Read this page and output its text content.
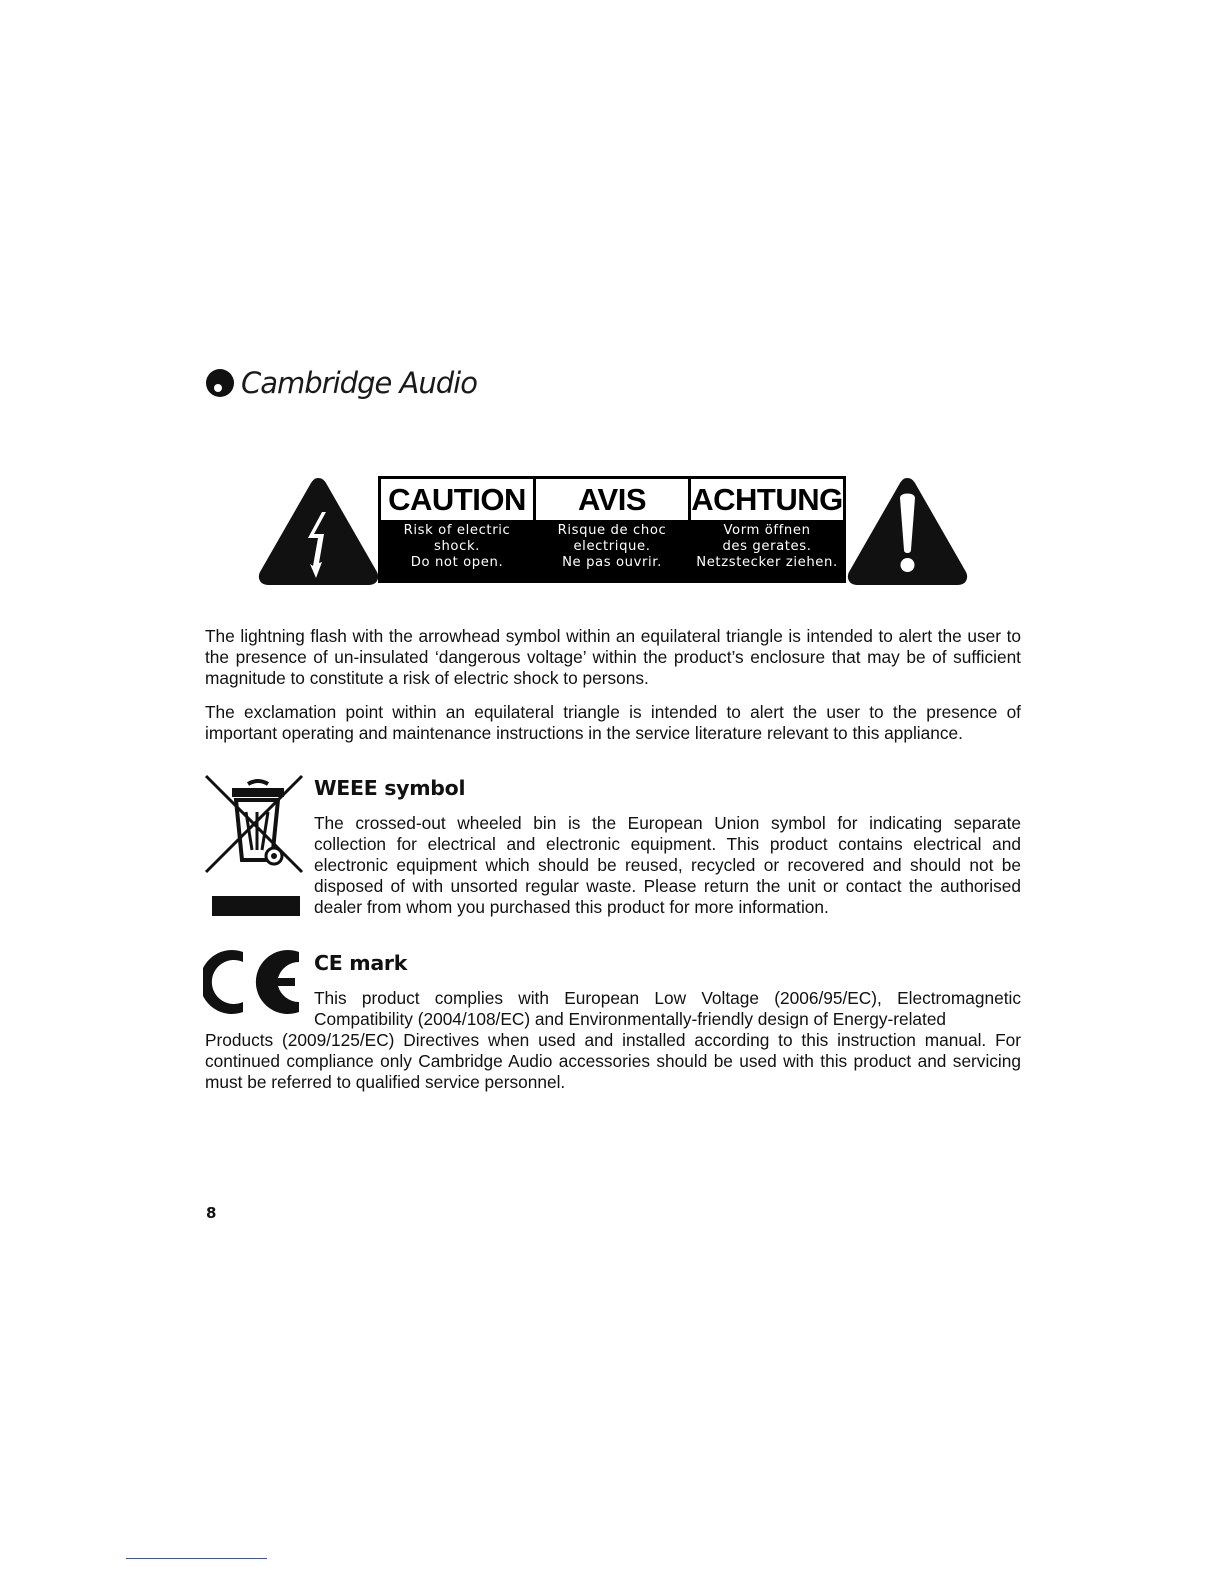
Cambridge Audio
CAUTION
Risk of electric
shock.
Do not open.
AVIS
Risque de choc
electrique.
Ne pas ouvrir.
ACHTUNG
Vorm öffnen
des gerates.
Netzstecker ziehen.

The lightning flash with the arrowhead symbol within an equilateral triangle is intended to alert the user to the presence of un-insulated ‘dangerous voltage’ within the product’s enclosure that may be of sufficient magnitude to constitute a risk of electric shock to persons.

The exclamation point within an equilateral triangle is intended to alert the user to the presence of important operating and maintenance instructions in the service literature relevant to this appliance.

WEEE symbol

The crossed-out wheeled bin is the European Union symbol for indicating separate collection for electrical and electronic equipment. This product contains electrical and electronic equipment which should be reused, recycled or recovered and should not be disposed of with unsorted regular waste. Please return the unit or contact the authorised dealer from whom you purchased this product for more information.

CE mark

This product complies with European Low Voltage (2006/95/EC), Electromagnetic Compatibility (2004/108/EC) and Environmentally-friendly design of Energy-related

Products (2009/125/EC) Directives when used and installed according to this instruction manual. For continued compliance only Cambridge Audio accessories should be used with this product and servicing must be referred to qualified service personnel.

8
